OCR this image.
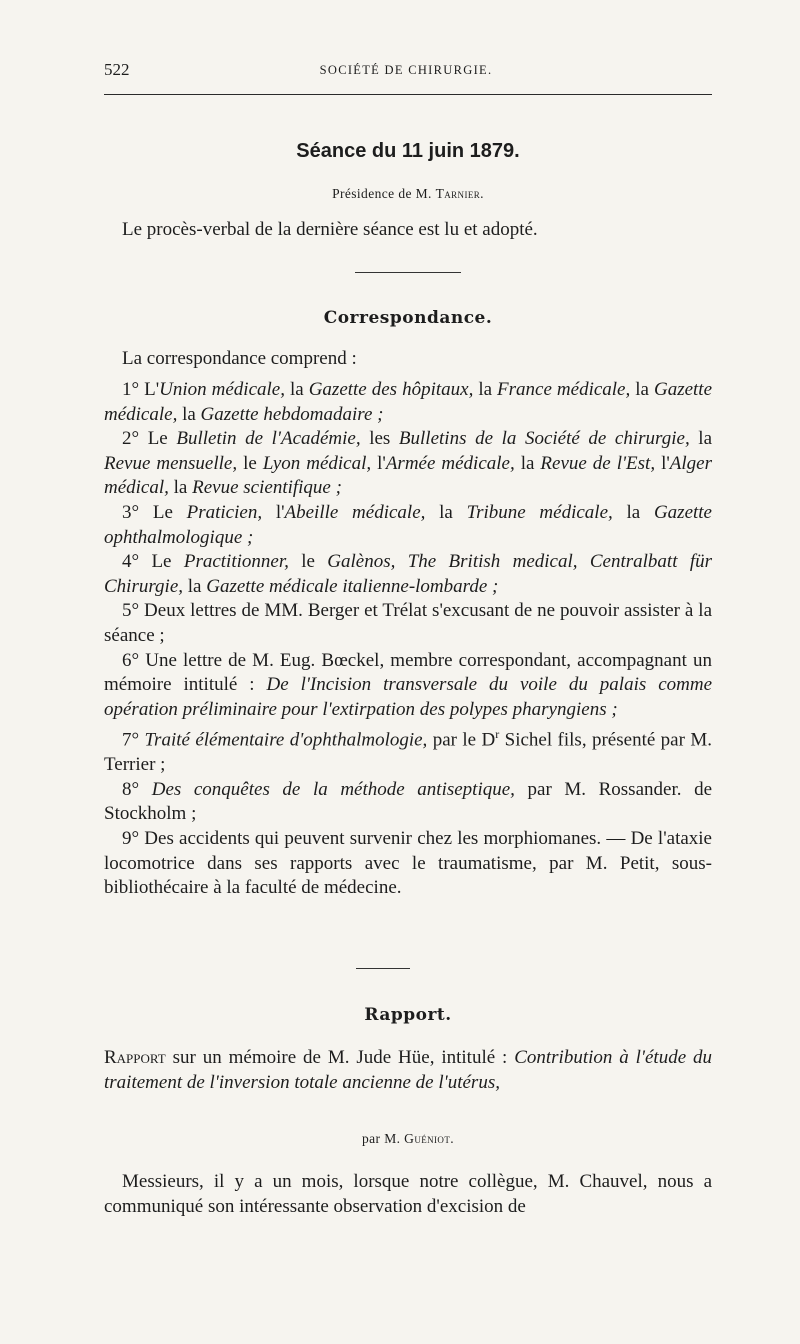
522	SOCIÉTÉ DE CHIRURGIE.
Séance du 11 juin 1879.
Présidence de M. Tarnier.

Le procès-verbal de la dernière séance est lu et adopté.

Correspondance.

La correspondance comprend :

1° L'Union médicale, la Gazette des hôpitaux, la France médicale, la Gazette médicale, la Gazette hebdomadaire ;

2° Le Bulletin de l'Académie, les Bulletins de la Société de chirurgie, la Revue mensuelle, le Lyon médical, l'Armée médicale, la Revue de l'Est, l'Alger médical, la Revue scientifique ;

3° Le Praticien, l'Abeille médicale, la Tribune médicale, la Gazette ophthalmologique ;

4° Le Practitionner, le Galènos, The British medical, Centralbatt für Chirurgie, la Gazette médicale italienne-lombarde ;

5° Deux lettres de MM. Berger et Trélat s'excusant de ne pouvoir assister à la séance ;

6° Une lettre de M. Eug. Bœckel, membre correspondant, accompagnant un mémoire intitulé : De l'Incision transversale du voile du palais comme opération préliminaire pour l'extirpation des polypes pharyngiens ;

7° Traité élémentaire d'ophthalmologie, par le $D^r$ Sichel fils, présenté par M. Terrier ;

8° Des conquêtes de la méthode antiseptique, par M. Rossander. de Stockholm ;

9° Des accidents qui peuvent survenir chez les morphiomanes. — De l'ataxie locomotrice dans ses rapports avec le traumatisme, par M. Petit, sous-bibliothécaire à la faculté de médecine.

Rapport.

Rapport sur un mémoire de M. Jude Hüe, intitulé : Contribution à l'étude du traitement de l'inversion totale ancienne de l'utérus,

par M. Guéniot.

Messieurs, il y a un mois, lorsque notre collègue, M. Chauvel, nous a communiqué son intéressante observation d'excision de
